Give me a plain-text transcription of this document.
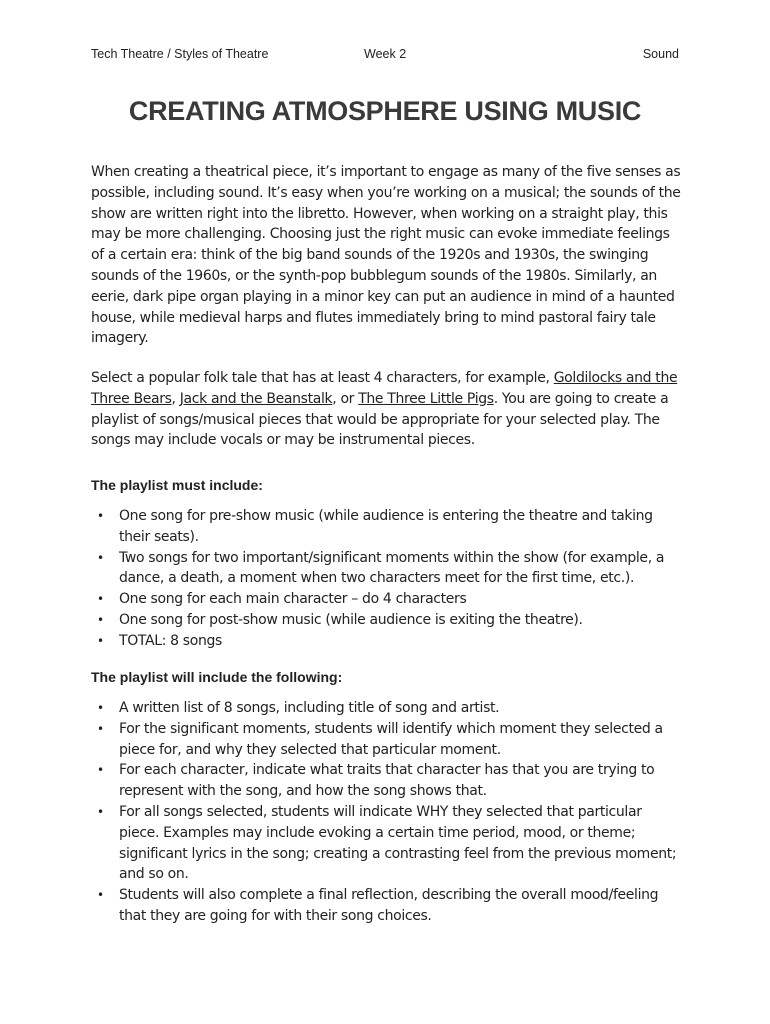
Tech Theatre / Styles of Theatre	Week 2	Sound
CREATING ATMOSPHERE USING MUSIC

When creating a theatrical piece, it’s important to engage as many of the five senses as possible, including sound. It’s easy when you’re working on a musical; the sounds of the show are written right into the libretto. However, when working on a straight play, this may be more challenging. Choosing just the right music can evoke immediate feelings of a certain era: think of the big band sounds of the 1920s and 1930s, the swinging sounds of the 1960s, or the synth-pop bubblegum sounds of the 1980s. Similarly, an eerie, dark pipe organ playing in a minor key can put an audience in mind of a haunted house, while medieval harps and flutes immediately bring to mind pastoral fairy tale imagery.

Select a popular folk tale that has at least 4 characters, for example, Goldilocks and the Three Bears, Jack and the Beanstalk, or The Three Little Pigs. You are going to create a playlist of songs/musical pieces that would be appropriate for your selected play. The songs may include vocals or may be instrumental pieces.

The playlist must include:
• One song for pre-show music (while audience is entering the theatre and taking their seats).
• Two songs for two important/significant moments within the show (for example, a dance, a death, a moment when two characters meet for the first time, etc.).
• One song for each main character – do 4 characters
• One song for post-show music (while audience is exiting the theatre).
• TOTAL: 8 songs
The playlist will include the following:
• A written list of 8 songs, including title of song and artist.
• For the significant moments, students will identify which moment they selected a piece for, and why they selected that particular moment.
• For each character, indicate what traits that character has that you are trying to represent with the song, and how the song shows that.
• For all songs selected, students will indicate WHY they selected that particular piece. Examples may include evoking a certain time period, mood, or theme; significant lyrics in the song; creating a contrasting feel from the previous moment; and so on.
• Students will also complete a final reflection, describing the overall mood/feeling that they are going for with their song choices.
